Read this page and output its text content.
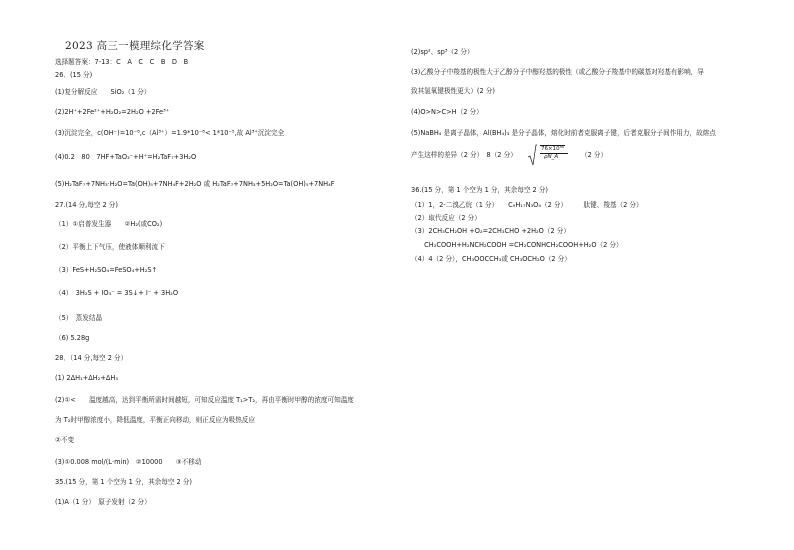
2023 高三一模理综化学答案
选择题答案：7-13：C　A　C　C　B　D　B
26．(15 分)
(1)复分解反应　　SiO₂（1 分）
(2)2H⁺+2Fe²⁺+H₂O₂=2H₂O +2Fe³⁺
(3)沉淀完全，c(OH⁻)=10⁻⁸,c（Al³⁺）=1.9*10⁻⁸< 1*10⁻⁵,故 Al³⁺沉淀完全
(4)0.2　80　7HF+TaO₃⁻+H⁺=H₂TaF₇+3H₂O
(5)H₂TaF₇+7NH₃·H₂O=Ta(OH)₅+7NH₄F+2H₂O 或 H₂TaF₇+7NH₃+5H₂O=Ta(OH)₅+7NH₄F
27.(14 分,每空 2 分)
（1）①启普发生器　　②H₂(或CO₂)
（2）平衡上下气压，使液体顺利流下
（3）FeS+H₂SO₄=FeSO₄+H₂S↑
（4）　3H₂S + IO₃⁻ = 3S↓+ I⁻ + 3H₂O
（5）　蒸发结晶
（6) 5.28g
28．（14 分,每空 2 分）
(1) 2ΔH₁+ΔH₂+ΔH₃
(2)①<　　温度越高，达到平衡所需时间越短，可知反应温度 T₁>T₂，再由平衡时甲醇的浓度可知温度
为 T₂时甲醇浓度小，降低温度，平衡正向移动，则正反应为吸热反应
②不变
(3)①0.008 mol/(L·min)　②10000　　③不移动
35.(15 分，第 1 个空为 1 分，其余每空 2 分)
(1)A（1 分）　原子发射（2 分）
(2)sp²、sp³（2 分）
(3)乙酸分子中羧基的极性大于乙醇分子中醇羟基的极性（或乙酸分子羧基中的碳基对羟基有影响，导
致其氢氧键极性更大）(2 分)
(4)O>N>C>H（2 分）
(5)NaBH₄ 是离子晶体，Al(BH₄)₃ 是分子晶体，熔化时前者克服离子键，后者克服分子间作用力，故熔点
产生这样的差异（2 分）　8（2 分）
76×10³⁰
ρN_A	（2 分）
36.(15 分，第 1 个空为 1 分，其余每空 2 分)
（1）1，2-二溴乙烷（1 分）　　C₉H₁₇N₃O₄（2 分）　　　肽键、羧基（2 分）
（2）取代反应（2 分）
（3）2CH₃CH₂OH +O₂=2CH₃CHO +2H₂O（2 分）
　　CH₂COOH+H₂NCH₂COOH =CH₂CONHCH₂COOH+H₂O（2 分）
（4）4（2 分），CH₃OOCCH₃或 CH₃OCH₂O（2 分）
